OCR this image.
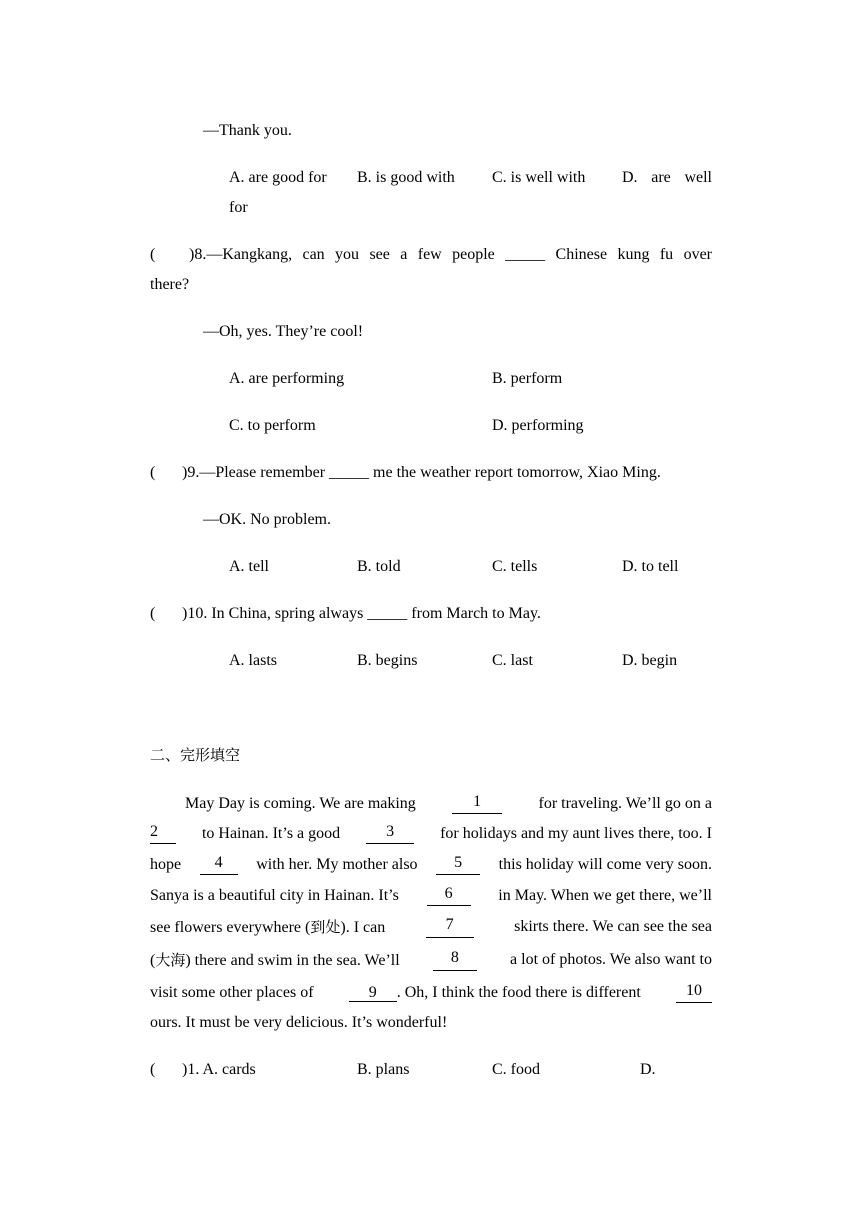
—Thank you.
A. are good for B. is good with C. is well with D.  are  well
for
( )8.—Kangkang, can you see a few people _____ Chinese kung fu over
there?
—Oh, yes. They’re cool!
A. are performing	B. perform
C. to perform	D. performing
( )9.—Please remember _____ me the weather report tomorrow, Xiao Ming.
—OK. No problem.
A. tell	B. told	C. tells	D. to tell
( )10. In China, spring always _____ from March to May.
A. lasts	B. begins	C. last	D. begin
二、完形填空
May Day is coming. We are making	1	for traveling. We’ll go on a
2	to Hainan. It’s a good	3	for holidays and my aunt lives there, too. I
hope	4	with her. My mother also	5	this holiday will come very soon.
Sanya is a beautiful city in Hainan. It’s	6	in May. When we get there, we’ll
see flowers everywhere (到处). I can	7	skirts there. We can see the sea
(大海) there and swim in the sea. We’ll	8	a lot of photos. We also want to
visit some other places of	9 . Oh, I think the food there is different	10
ours. It must be very delicious. It’s wonderful!
( )1. A. cards	B. plans	C. food	D.
